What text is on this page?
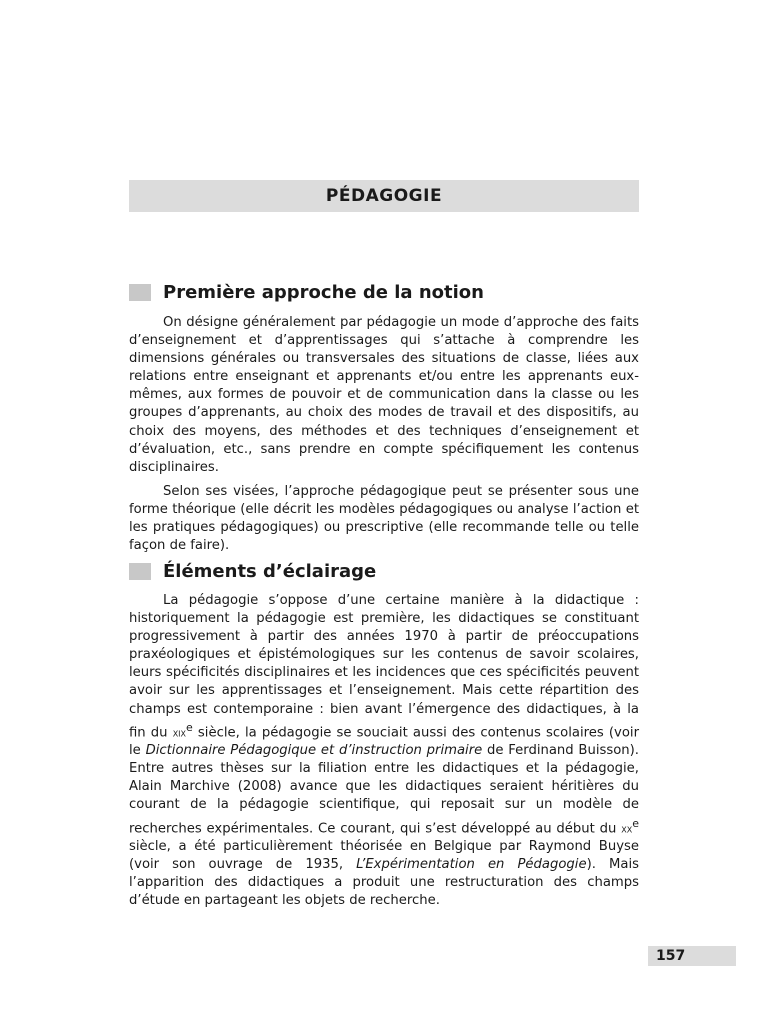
PÉDAGOGIE
Première approche de la notion

On désigne généralement par pédagogie un mode d’approche des faits d’enseignement et d’apprentissages qui s’attache à comprendre les dimensions générales ou transversales des situations de classe, liées aux relations entre enseignant et apprenants et/ou entre les apprenants eux-mêmes, aux formes de pouvoir et de communication dans la classe ou les groupes d’apprenants, au choix des modes de travail et des dispositifs, au choix des moyens, des méthodes et des techniques d’enseignement et d’évaluation, etc., sans prendre en compte spécifiquement les contenus disciplinaires.

Selon ses visées, l’approche pédagogique peut se présenter sous une forme théorique (elle décrit les modèles pédagogiques ou analyse l’action et les pratiques pédagogiques) ou prescriptive (elle recommande telle ou telle façon de faire).

Éléments d’éclairage

La pédagogie s’oppose d’une certaine manière à la didactique : historiquement la pédagogie est première, les didactiques se constituant progressivement à partir des années 1970 à partir de préoccupations praxéologiques et épistémologiques sur les contenus de savoir scolaires, leurs spécificités disciplinaires et les incidences que ces spécificités peuvent avoir sur les apprentissages et l’enseignement. Mais cette répartition des champs est contemporaine : bien avant l’émergence des didactiques, à la fin du xix$^e$ siècle, la pédagogie se souciait aussi des contenus scolaires (voir le Dictionnaire Pédagogique et d’instruction primaire de Ferdinand Buisson). Entre autres thèses sur la filiation entre les didactiques et la pédagogie, Alain Marchive (2008) avance que les didactiques seraient héritières du courant de la pédagogie scientifique, qui reposait sur un modèle de recherches expérimentales. Ce courant, qui s’est développé au début du $xx^e$ siècle, a été particulièrement théorisée en Belgique par Raymond Buyse (voir son ouvrage de 1935, L’Expérimentation en Pédagogie). Mais l’apparition des didactiques a produit une restructuration des champs d’étude en partageant les objets de recherche.

157
